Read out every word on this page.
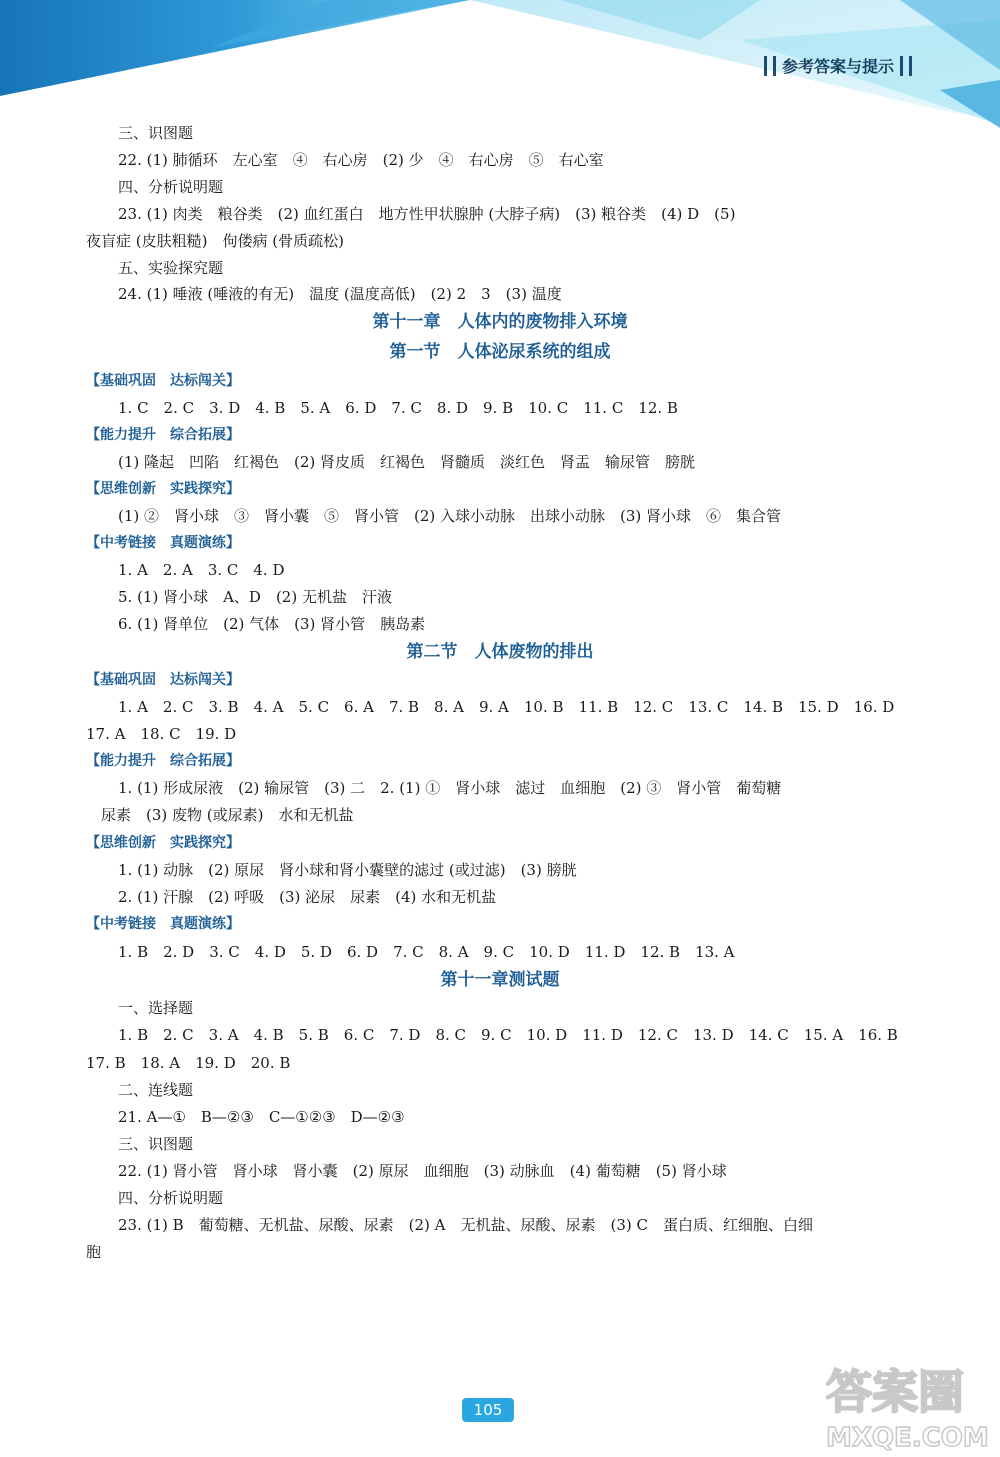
参考答案与提示
三、识图题
22. (1) 肺循环　左心室　④　右心房　(2) 少　④　右心房　⑤　右心室
四、分析说明题
23. (1) 肉类　粮谷类　(2) 血红蛋白　地方性甲状腺肿 (大脖子病)　(3) 粮谷类　(4) D　(5)
夜盲症 (皮肤粗糙)　佝偻病 (骨质疏松)
五、实验探究题
24. (1) 唾液 (唾液的有无)　温度 (温度高低)　(2) 2　3　(3) 温度
第十一章　人体内的废物排入环境
第一节　人体泌尿系统的组成
【基础巩固　达标闯关】
1. C　2. C　3. D　4. B　5. A　6. D　7. C　8. D　9. B　10. C　11. C　12. B
【能力提升　综合拓展】
(1) 隆起　凹陷　红褐色　(2) 肾皮质　红褐色　肾髓质　淡红色　肾盂　输尿管　膀胱
【思维创新　实践探究】
(1) ②　肾小球　③　肾小囊　⑤　肾小管　(2) 入球小动脉　出球小动脉　(3) 肾小球　⑥　集合管
【中考链接　真题演练】
1. A　2. A　3. C　4. D
5. (1) 肾小球　A、D　(2) 无机盐　汗液
6. (1) 肾单位　(2) 气体　(3) 肾小管　胰岛素
第二节　人体废物的排出
【基础巩固　达标闯关】
1. A　2. C　3. B　4. A　5. C　6. A　7. B　8. A　9. A　10. B　11. B　12. C　13. C　14. B　15. D　16. D
17. A　18. C　19. D
【能力提升　综合拓展】
1. (1) 形成尿液　(2) 输尿管　(3) 二　2. (1) ①　肾小球　滤过　血细胞　(2) ③　肾小管　葡萄糖
　尿素　(3) 废物 (或尿素)　水和无机盐
【思维创新　实践探究】
1. (1) 动脉　(2) 原尿　肾小球和肾小囊壁的滤过 (或过滤)　(3) 膀胱
2. (1) 汗腺　(2) 呼吸　(3) 泌尿　尿素　(4) 水和无机盐
【中考链接　真题演练】
1. B　2. D　3. C　4. D　5. D　6. D　7. C　8. A　9. C　10. D　11. D　12. B　13. A
第十一章测试题
一、选择题
1. B　2. C　3. A　4. B　5. B　6. C　7. D　8. C　9. C　10. D　11. D　12. C　13. D　14. C　15. A　16. B
17. B　18. A　19. D　20. B
二、连线题
21. A—①　B—②③　C—①②③　D—②③
三、识图题
22. (1) 肾小管　肾小球　肾小囊　(2) 原尿　血细胞　(3) 动脉血　(4) 葡萄糖　(5) 肾小球
四、分析说明题
23. (1) B　葡萄糖、无机盐、尿酸、尿素　(2) A　无机盐、尿酸、尿素　(3) C　蛋白质、红细胞、白细
胞
105	答案圈
MXQE.COM
